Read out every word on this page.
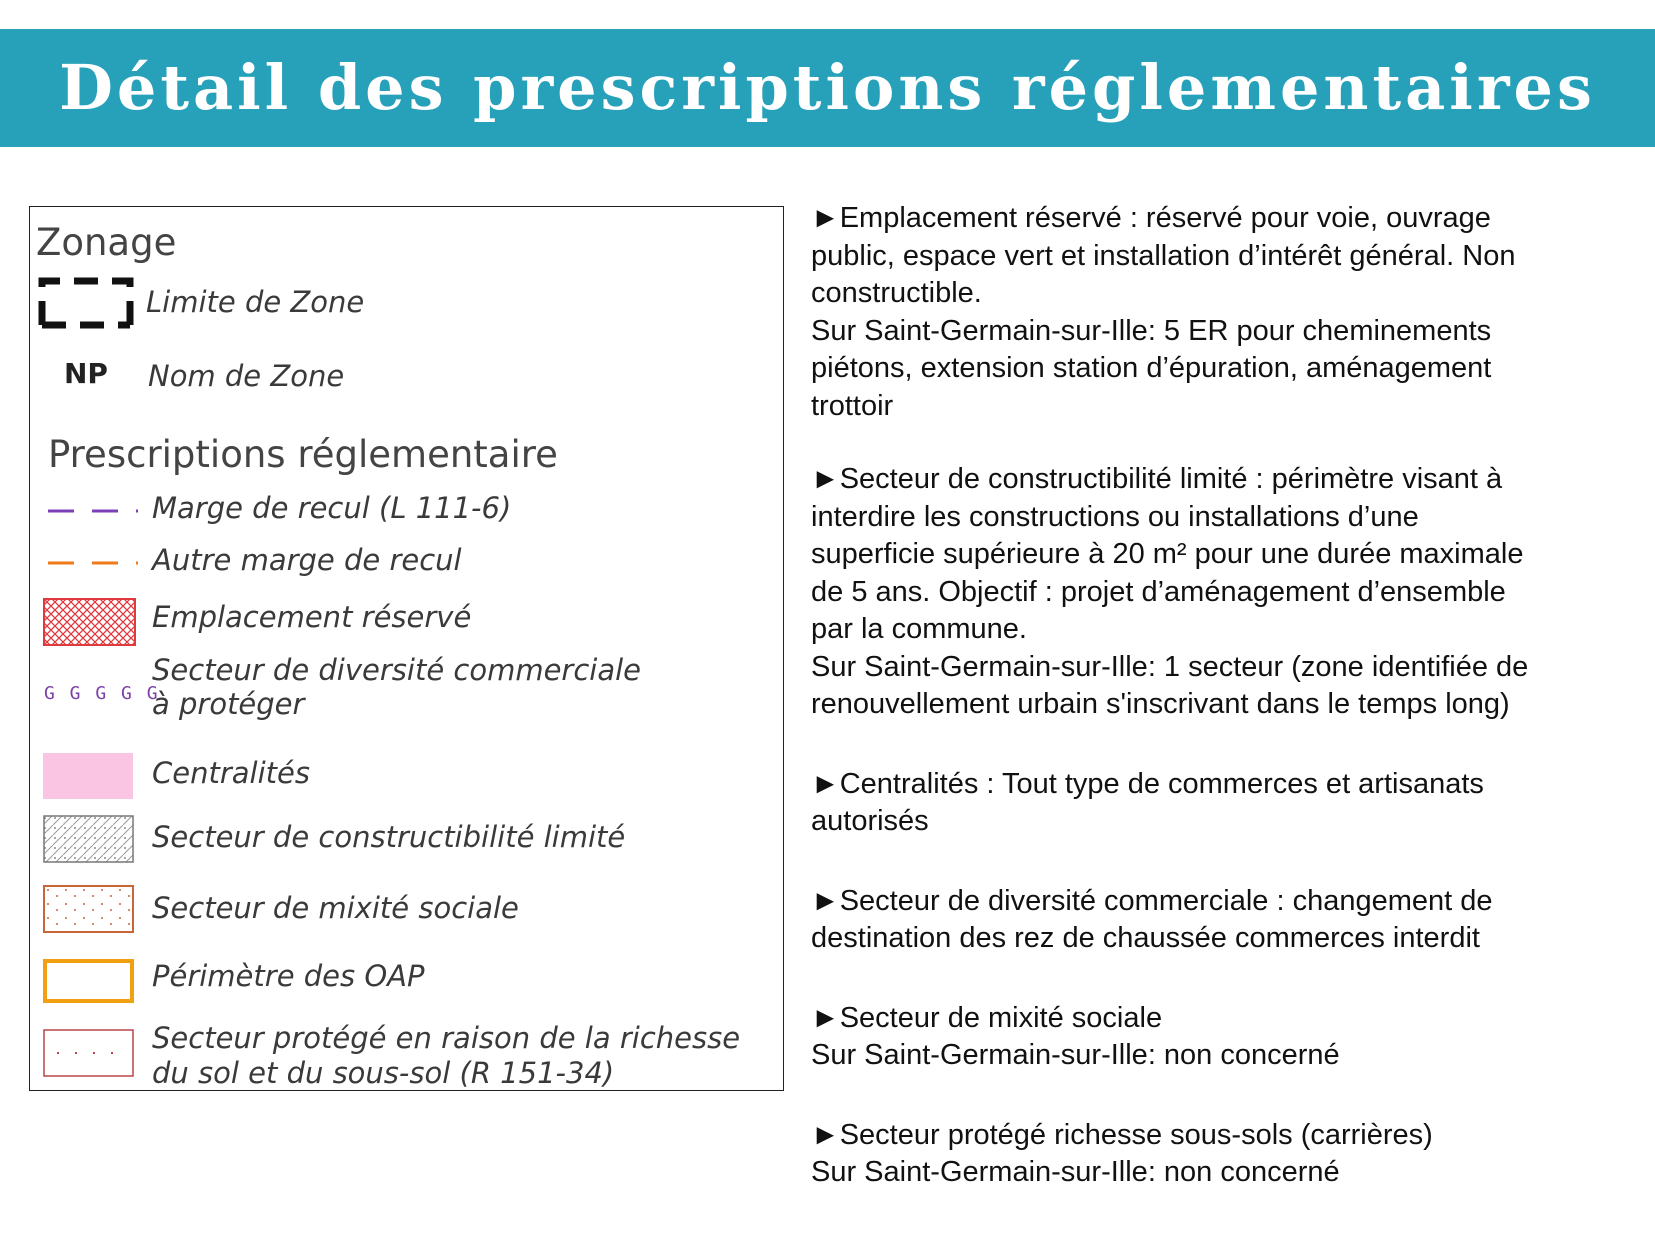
Détail des prescriptions réglementaires
Zonage
Limite de Zone
NP Nom de Zone
Prescriptions réglementaire
Marge de recul (L 111-6)
Autre marge de recul
Emplacement réservé
G G G G G
Secteur de diversité commerciale
à protéger
Centralités
Secteur de constructibilité limité
Secteur de mixité sociale
Périmètre des OAP
Secteur protégé en raison de la richesse
du sol et du sous-sol (R 151-34)
►Emplacement réservé : réservé pour voie, ouvrage
public, espace vert et installation d’intérêt général. Non
constructible.
Sur Saint-Germain-sur-Ille: 5 ER pour cheminements
piétons, extension station d’épuration, aménagement
trottoir
►Secteur de constructibilité limité : périmètre visant à
interdire les constructions ou installations d’une
superficie supérieure à 20 m² pour une durée maximale
de 5 ans. Objectif : projet d’aménagement d’ensemble
par la commune.
Sur Saint-Germain-sur-Ille: 1 secteur (zone identifiée de
renouvellement urbain s'inscrivant dans le temps long)
►Centralités : Tout type de commerces et artisanats
autorisés
►Secteur de diversité commerciale : changement de
destination des rez de chaussée commerces interdit
►Secteur de mixité sociale
Sur Saint-Germain-sur-Ille: non concerné
►Secteur protégé richesse sous-sols (carrières)
Sur Saint-Germain-sur-Ille: non concerné
